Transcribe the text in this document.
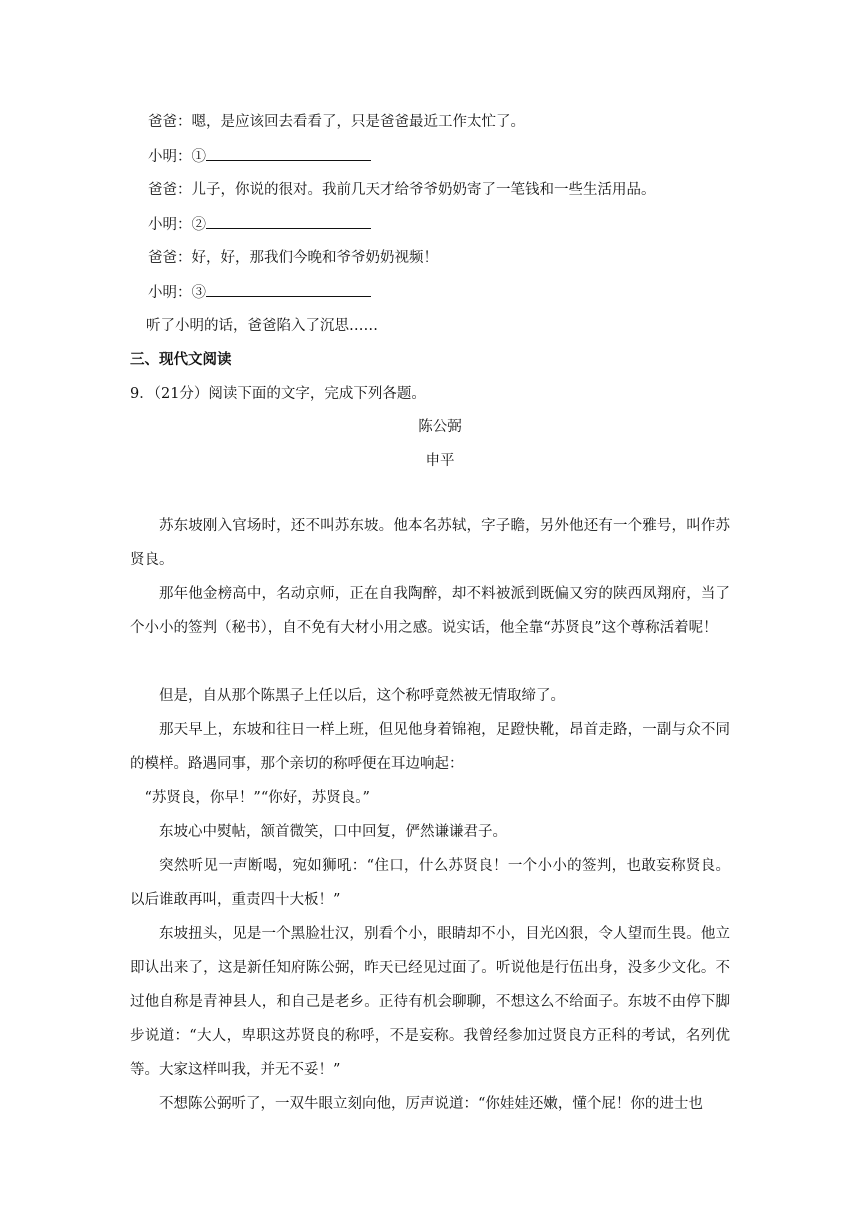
爸爸：嗯，是应该回去看看了，只是爸爸最近工作太忙了。
小明：①
爸爸：儿子，你说的很对。我前几天才给爷爷奶奶寄了一笔钱和一些生活用品。
小明：②
爸爸：好，好，那我们今晚和爷爷奶奶视频！
小明：③
听了小明的话，爸爸陷入了沉思……
三、现代文阅读
9．（21分）阅读下面的文字，完成下列各题。
陈公弼
申平
苏东坡刚入官场时，还不叫苏东坡。他本名苏轼，字子瞻，另外他还有一个雅号，叫作苏贤良。
那年他金榜高中，名动京师，正在自我陶醉，却不料被派到既偏又穷的陕西凤翔府，当了个小小的签判（秘书），自不免有大材小用之感。说实话，他全靠“苏贤良”这个尊称活着呢！
但是，自从那个陈黑子上任以后，这个称呼竟然被无情取缔了。
那天早上，东坡和往日一样上班，但见他身着锦袍，足蹬快靴，昂首走路，一副与众不同的模样。路遇同事，那个亲切的称呼便在耳边响起：
“苏贤良，你早！”“你好，苏贤良。”
东坡心中熨帖，颔首微笑，口中回复，俨然谦谦君子。
突然听见一声断喝，宛如狮吼：“住口，什么苏贤良！一个小小的签判，也敢妄称贤良。以后谁敢再叫，重责四十大板！”
东坡扭头，见是一个黑脸壮汉，别看个小，眼睛却不小，目光凶狠，令人望而生畏。他立即认出来了，这是新任知府陈公弼，昨天已经见过面了。听说他是行伍出身，没多少文化。不过他自称是青神县人，和自己是老乡。正待有机会聊聊，不想这么不给面子。东坡不由停下脚步说道：“大人，卑职这苏贤良的称呼，不是妄称。我曾经参加过贤良方正科的考试，名列优等。大家这样叫我，并无不妥！”
不想陈公弼听了，一双牛眼立刻向他，厉声说道：“你娃娃还嫩，懂个屁！你的进士也
